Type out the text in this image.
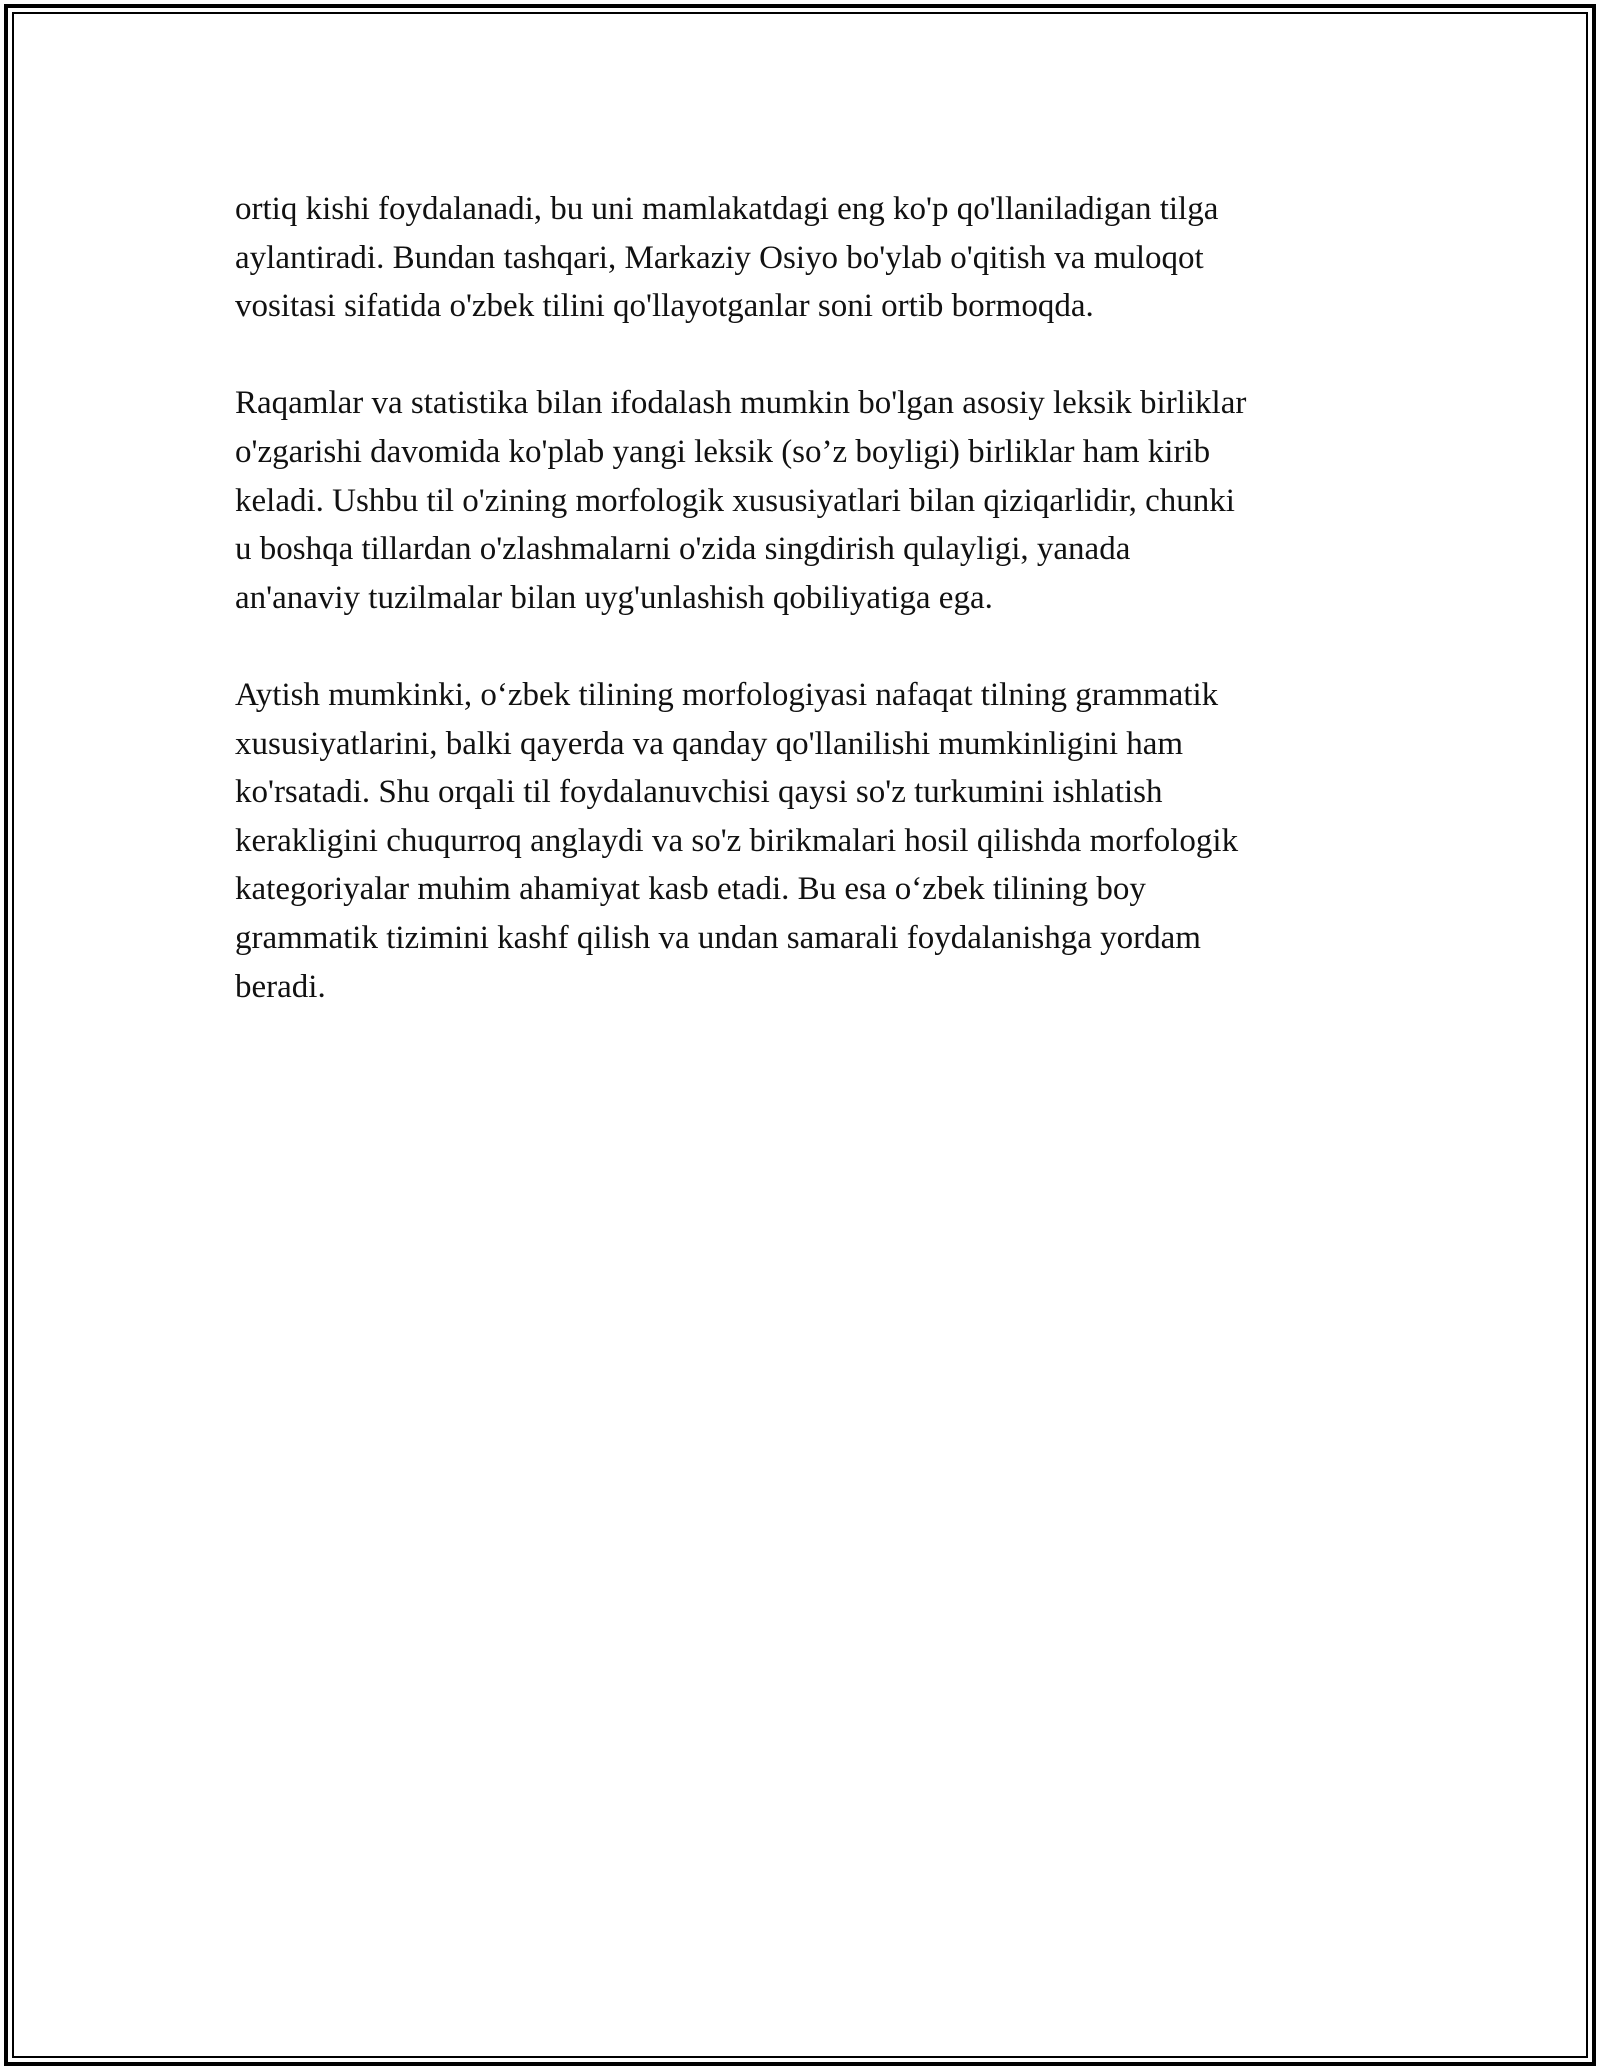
ortiq kishi foydalanadi, bu uni mamlakatdagi eng ko'p qo'llaniladigan tilga
aylantiradi. Bundan tashqari, Markaziy Osiyo bo'ylab o'qitish va muloqot
vositasi sifatida o'zbek tilini qo'llayotganlar soni ortib bormoqda.

Raqamlar va statistika bilan ifodalash mumkin bo'lgan asosiy leksik birliklar
o'zgarishi davomida ko'plab yangi leksik (so’z boyligi) birliklar ham kirib
keladi. Ushbu til o'zining morfologik xususiyatlari bilan qiziqarlidir, chunki
u boshqa tillardan o'zlashmalarni o'zida singdirish qulayligi, yanada
an'anaviy tuzilmalar bilan uyg'unlashish qobiliyatiga ega.

Aytish mumkinki, o‘zbek tilining morfologiyasi nafaqat tilning grammatik
xususiyatlarini, balki qayerda va qanday qo'llanilishi mumkinligini ham
ko'rsatadi. Shu orqali til foydalanuvchisi qaysi so'z turkumini ishlatish
kerakligini chuqurroq anglaydi va so'z birikmalari hosil qilishda morfologik
kategoriyalar muhim ahamiyat kasb etadi. Bu esa o‘zbek tilining boy
grammatik tizimini kashf qilish va undan samarali foydalanishga yordam
beradi.
